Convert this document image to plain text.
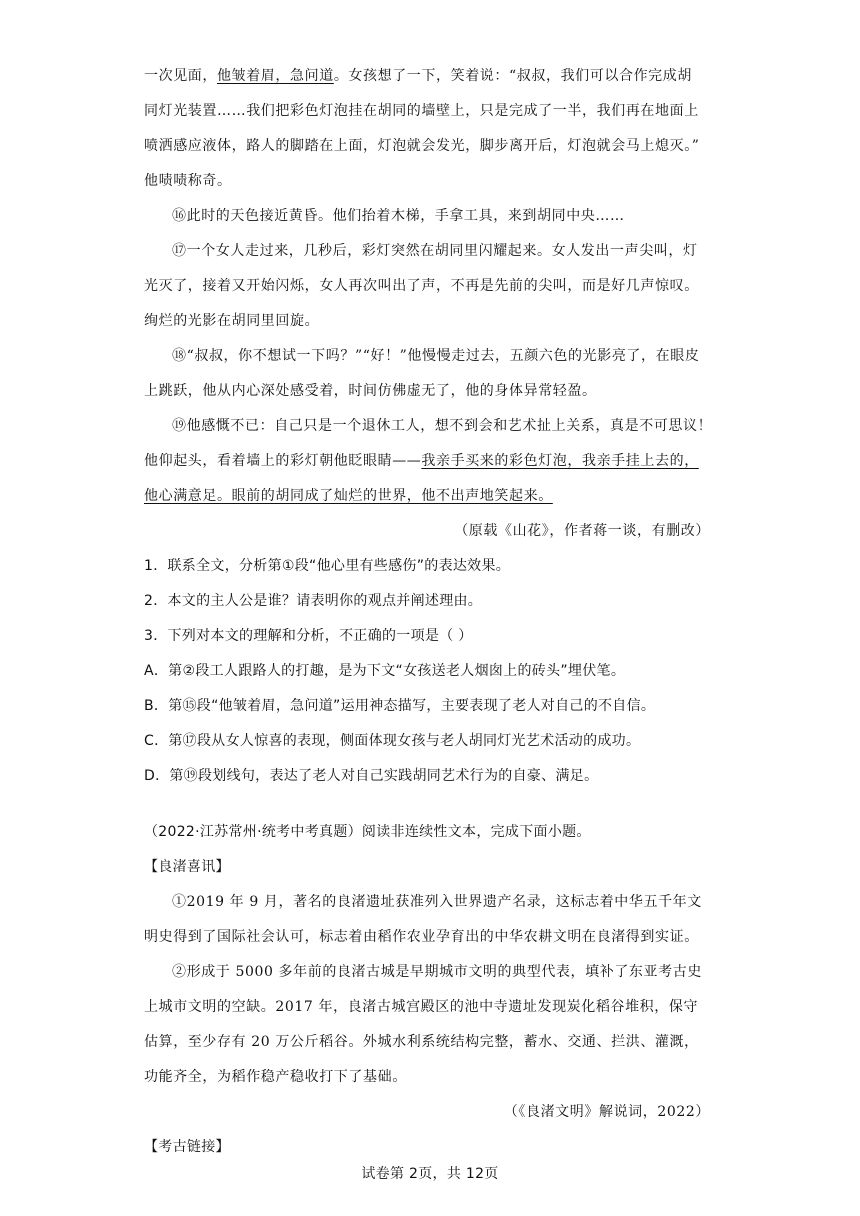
一次见面，他皱着眉，急问道。女孩想了一下，笑着说：“叔叔，我们可以合作完成胡
同灯光装置……我们把彩色灯泡挂在胡同的墙壁上，只是完成了一半，我们再在地面上
喷洒感应液体，路人的脚踏在上面，灯泡就会发光，脚步离开后，灯泡就会马上熄灭。”
他啧啧称奇。
⑯此时的天色接近黄昏。他们抬着木梯，手拿工具，来到胡同中央……
⑰一个女人走过来，几秒后，彩灯突然在胡同里闪耀起来。女人发出一声尖叫，灯
光灭了，接着又开始闪烁，女人再次叫出了声，不再是先前的尖叫，而是好几声惊叹。
绚烂的光影在胡同里回旋。
⑱“叔叔，你不想试一下吗？”“好！”他慢慢走过去，五颜六色的光影亮了，在眼皮
上跳跃，他从内心深处感受着，时间仿佛虚无了，他的身体异常轻盈。
⑲他感慨不已：自己只是一个退休工人，想不到会和艺术扯上关系，真是不可思议！
他仰起头，看着墙上的彩灯朝他眨眼睛——我亲手买来的彩色灯泡，我亲手挂上去的，
他心满意足。眼前的胡同成了灿烂的世界，他不出声地笑起来。
（原载《山花》，作者蒋一谈，有删改）
1．联系全文，分析第①段“他心里有些感伤”的表达效果。
2．本文的主人公是谁？请表明你的观点并阐述理由。
3．下列对本文的理解和分析，不正确的一项是（ ）
A．第②段工人跟路人的打趣，是为下文“女孩送老人烟囱上的砖头”埋伏笔。
B．第⑮段“他皱着眉，急问道”运用神态描写，主要表现了老人对自己的不自信。
C．第⑰段从女人惊喜的表现，侧面体现女孩与老人胡同灯光艺术活动的成功。
D．第⑲段划线句，表达了老人对自己实践胡同艺术行为的自豪、满足。
（2022·江苏常州·统考中考真题）阅读非连续性文本，完成下面小题。
【良渚喜讯】
①2019 年 9 月，著名的良渚遗址获准列入世界遗产名录，这标志着中华五千年文
明史得到了国际社会认可，标志着由稻作农业孕育出的中华农耕文明在良渚得到实证。
②形成于 5000 多年前的良渚古城是早期城市文明的典型代表，填补了东亚考古史
上城市文明的空缺。2017 年，良渚古城宫殿区的池中寺遗址发现炭化稻谷堆积，保守
估算，至少存有 20 万公斤稻谷。外城水利系统结构完整，蓄水、交通、拦洪、灌溉，
功能齐全，为稻作稳产稳收打下了基础。
（《良渚文明》解说词，2022）
【考古链接】
试卷第 2页，共 12页
